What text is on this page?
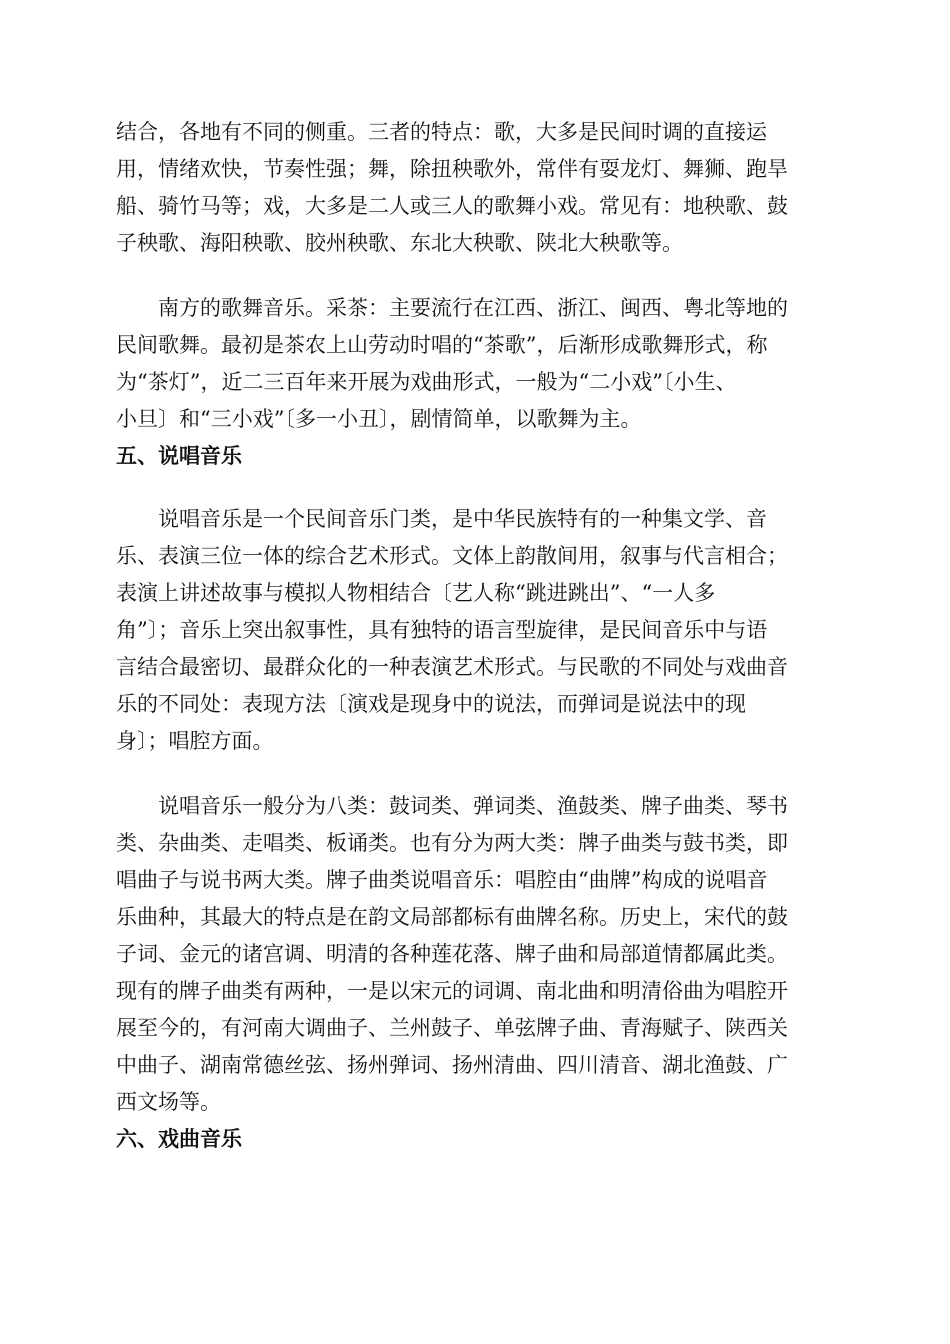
结合，各地有不同的侧重。三者的特点：歌，大多是民间时调的直接运
用，情绪欢快，节奏性强；舞，除扭秧歌外，常伴有耍龙灯、舞狮、跑旱
船、骑竹马等；戏，大多是二人或三人的歌舞小戏。常见有：地秧歌、鼓
子秧歌、海阳秧歌、胶州秧歌、东北大秧歌、陕北大秧歌等。

南方的歌舞音乐。采茶：主要流行在江西、浙江、闽西、粤北等地的
民间歌舞。最初是茶农上山劳动时唱的“茶歌”，后渐形成歌舞形式，称
为“茶灯”，近二三百年来开展为戏曲形式，一般为“二小戏”〔小生、
小旦〕和“三小戏”〔多一小丑〕，剧情简单，以歌舞为主。

五、说唱音乐

说唱音乐是一个民间音乐门类，是中华民族特有的一种集文学、音
乐、表演三位一体的综合艺术形式。文体上韵散间用，叙事与代言相合；
表演上讲述故事与模拟人物相结合〔艺人称“跳进跳出”、“一人多
角”〕；音乐上突出叙事性，具有独特的语言型旋律，是民间音乐中与语
言结合最密切、最群众化的一种表演艺术形式。与民歌的不同处与戏曲音
乐的不同处：表现方法〔演戏是现身中的说法，而弹词是说法中的现
身〕；唱腔方面。

说唱音乐一般分为八类：鼓词类、弹词类、渔鼓类、牌子曲类、琴书
类、杂曲类、走唱类、板诵类。也有分为两大类：牌子曲类与鼓书类，即
唱曲子与说书两大类。牌子曲类说唱音乐：唱腔由“曲牌”构成的说唱音
乐曲种，其最大的特点是在韵文局部都标有曲牌名称。历史上，宋代的鼓
子词、金元的诸宫调、明清的各种莲花落、牌子曲和局部道情都属此类。
现有的牌子曲类有两种，一是以宋元的词调、南北曲和明清俗曲为唱腔开
展至今的，有河南大调曲子、兰州鼓子、单弦牌子曲、青海赋子、陕西关
中曲子、湖南常德丝弦、扬州弹词、扬州清曲、四川清音、湖北渔鼓、广
西文场等。

六、戏曲音乐
